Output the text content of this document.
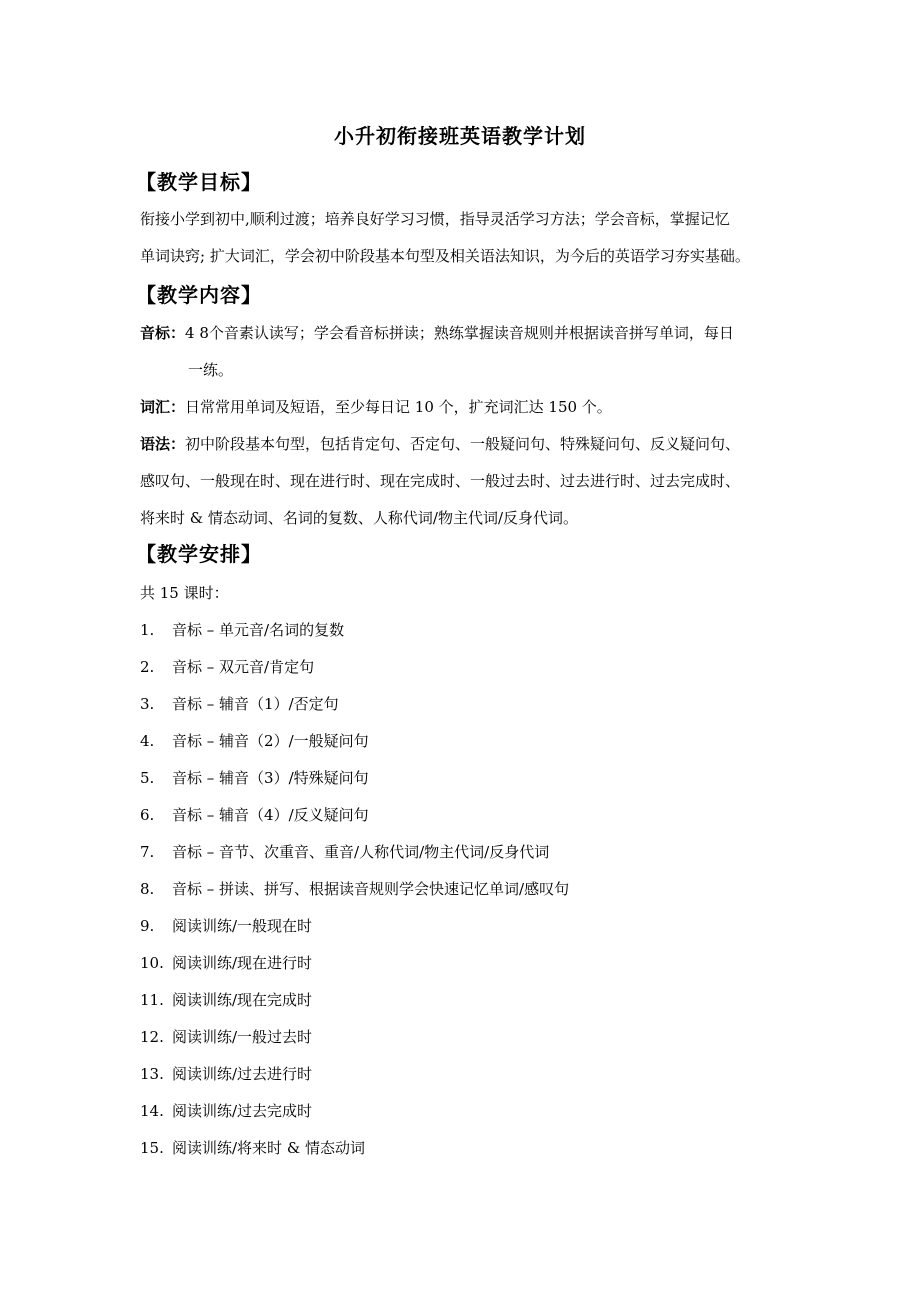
小升初衔接班英语教学计划
【教学目标】
衔接小学到初中,顺利过渡；培养良好学习习惯，指导灵活学习方法；学会音标，掌握记忆
单词诀窍; 扩大词汇，学会初中阶段基本句型及相关语法知识，为今后的英语学习夯实基础。
【教学内容】
音标：4 8个音素认读写；学会看音标拼读；熟练掌握读音规则并根据读音拼写单词，每日
一练。
词汇：日常常用单词及短语，至少每日记 10 个，扩充词汇达 150 个。
语法：初中阶段基本句型，包括肯定句、否定句、一般疑问句、特殊疑问句、反义疑问句、
感叹句、一般现在时、现在进行时、现在完成时、一般过去时、过去进行时、过去完成时、
将来时 & 情态动词、名词的复数、人称代词/物主代词/反身代词。
【教学安排】
共 15 课时：
1. 音标 – 单元音/名词的复数
2. 音标 – 双元音/肯定句
3. 音标 – 辅音（1）/否定句
4. 音标 – 辅音（2）/一般疑问句
5. 音标 – 辅音（3）/特殊疑问句
6. 音标 – 辅音（4）/反义疑问句
7. 音标 – 音节、次重音、重音/人称代词/物主代词/反身代词
8. 音标 – 拼读、拼写、根据读音规则学会快速记忆单词/感叹句
9. 阅读训练/一般现在时
10. 阅读训练/现在进行时
11. 阅读训练/现在完成时
12. 阅读训练/一般过去时
13. 阅读训练/过去进行时
14. 阅读训练/过去完成时
15. 阅读训练/将来时 & 情态动词
